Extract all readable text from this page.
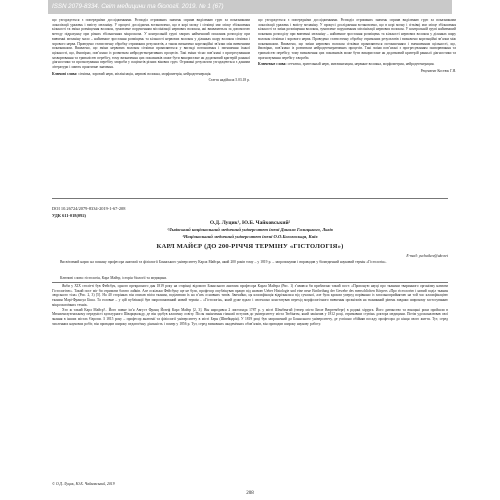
ISSN 2079-8334. Світ медицини та біології. 2019. № 1 (67)

що узгоджується з попередніми дослідженнями. Розподіл отриманих значень сприяв виділенню груп за показниками локалізації уражень і вмісту меланіну. У процесі досліджень встановлено, що в корі мозку і сітківці має місце збільшення кількості та зміна розміщення волокон, зумовлене порушенням мієлінізації нервових волокон, які виявляються за допомогою методу підрахунку при різних збільшеннях мікроскопа. У контрольній групі хворих найменший показник розподілу при вивченні меланіну мало – найменше зростання розміщень та кількості нервових волокон у ділянках шару волокон сітківки і зорового нерва. Проведено статистичну обробку отриманих результатів, а також визначено кореляційні зв’язки між вивченими показниками. Виявлено, що зміни нервових волокон сітківки проявляються у вигляді потоншення і зменшення їхньої щільності, що, ймовірно, пов’язано із розвитком нейродегенеративних процесів. Такі зміни тісно пов’язані з прогресуванням захворювання та тривалістю перебігу, тому визначення цих показників може бути використане як додатковий критерій ранньої діагностики та прогнозування перебігу хвороби у пацієнтів різних вікових груп. Отримані результати узгоджуються з даними літератури і мають практичне значення.

Ключові слова: сітківка, зоровий нерв, мієлінізація, нервові волокна, морфометрія, нейродегенерація.

Стаття надійшла 5.03.18 р.

що узгоджується з попередніми дослідженнями. Розподіл отриманих значень сприяв виділенню груп за показниками локалізації уражень і вмісту меланіну. У процесі дослідження встановлено, що в корі мозку і сітківці має місце збільшення кількості та зміна розміщення волокон, зумовлене порушенням мієлінізації нервових волокон. У контрольній групі найменший показник розподілу при вивченні меланіну – найменше зростання розміщень та кількості нервових волокон у ділянках шару волокон сітківки і зорового нерва. Проведено статистичну обробку отриманих результатів і визначено кореляційні зв’язки між показниками. Виявлено, що зміни нервових волокон сітківки проявляються потоншенням і зменшенням щільності, що, ймовірно, пов’язано із розвитком нейродегенеративних процесів. Такі зміни пов’язані з прогресуванням захворювання та тривалістю перебігу, тому визначення цих показників може бути використане як додатковий критерій ранньої діагностики та прогнозування перебігу хвороби.

Ключевые слова: сетчатка, зрительный нерв, миелинизация, нервные волокна, морфометрия, нейродегенерация.

Рецензент Костюк Г.Я.

DOI 10.26724/2079-8334-2019-1-67-208
УДК 611-018(092)
О.Д. Луцик¹, Ю.Б. Чайковський²
¹Львівський національний медичний університет імені Данила Галицького, Львів
²Національний медичний університет імені О.О.Богомольця, Київ
КАРЛ МАЙЄР (ДО 200-РІЧЧЯ ТЕРМІНУ «ГІСТОЛОГІЯ»)
E-mail: yuchaikov@ukr.net
Висвітлений нарис на пошану професора анатомії та фізіології Боннського університету Карла Майєра, який 200 років тому – у 1819 р. – запропонував і впровадив у біомедичний науковий термін «Гістологія».
Ключові слова: гістологія, Карл Майєр, історія біології та медицини.

Якби у XIX столітті був Фейсбук, одного прекрасного дня 1819 року на сторінці відомого Боннського анатома професора Карла Майєра (Рис. 1) з’явився би приблизно такий пост: «Пропоную науці про тканини тваринного організму назвати Гістологією». Такий пост міг би отримати багато лайків. Але оскільки Фейсбуку ще не було, професор опублікував працю під назвою Ueber Histologie und eine neue Eintheilung der Gewebe des menschlichen Körpers «Про гістологію і новий поділ тканин людського тіла» (Рис. 2, 3) [5]. На 40 сторінках він описав вісім тканин, поділивши їх на п’ять основних типів. Звичайно, ця класифікація відрізнялася від сучасної, але була кроком уперед порівняно із загальноприйнятою на той час класифікацією тканин Марі-Франсуа Біша. Та головне – у цій публікації був запропонований новий термін – «Гістологія», який дуже вдало і своєчасно констатував перехід морфологічного вивчення організмів на тканинний рівень завдяки широкому застосуванню мікроскопічних технік.

Хто ж такий Карл Майєр?.. Його повне ім’я Август Франц Йозеф Карл Майєр [2, 3]. Він народився 2 листопада 1787 р. у місті Шенбенгай (тепер місто Бюле Вюртемберг) в родині хірурга. Його дитинство та юнацькі роки пройшли в Мюнхенгаузенському передмісті культурного Шварцвальду, де він здобув класичну освіту. Після закінчення гімназії вступив до університету міста Тюбінген, який закінчив у 1812 році, отримавши ступінь доктора медицини. Потім удосконалював свої знання в інших містах Європи. З 1815 року – професор анатомії та фізіології університету в місті Берн (Швейцарія). У 1819 році був запрошений до Боннського університету, де успішно обійняв посаду професора до кінця свого життя. Тут, серед численних наукових робіт, він провадив широку педагогічну діяльність і помер у 1856 р. Тут, серед визначних академічних обов’язків, він проводив широку наукову роботу.

© О.Д. Луцик, Ю.Б. Чайковський, 2019
208
